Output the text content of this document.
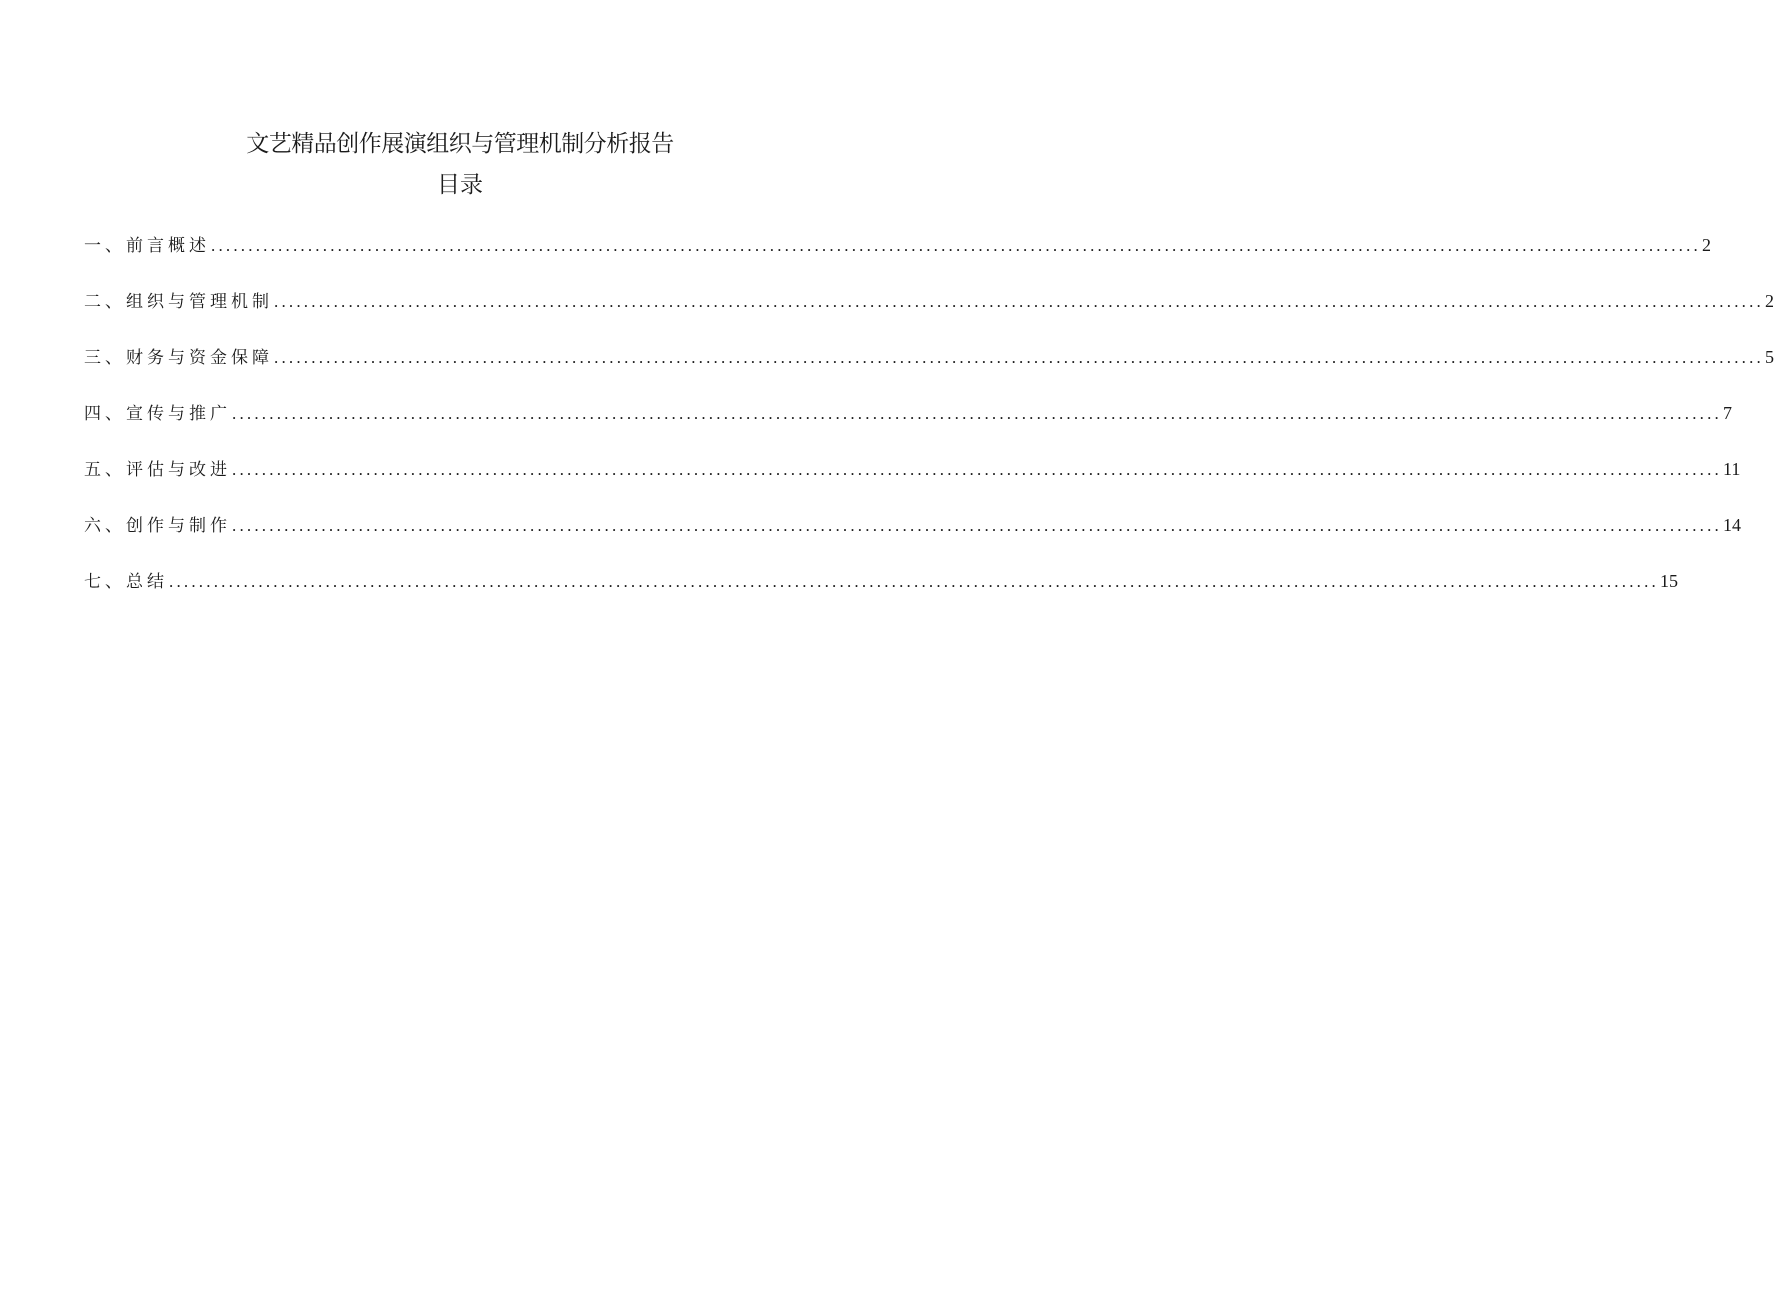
文艺精品创作展演组织与管理机制分析报告
目录
一、前言概述 ........................................................................................................................................................................................................ 2
二、组织与管理机制 ........................................................................................................................................................................................................ 2
三、财务与资金保障 ........................................................................................................................................................................................................ 5
四、宣传与推广 ........................................................................................................................................................................................................ 7
五、评估与改进 ........................................................................................................................................................................................................ 11
六、创作与制作 ........................................................................................................................................................................................................ 14
七、总结 ........................................................................................................................................................................................................ 15
